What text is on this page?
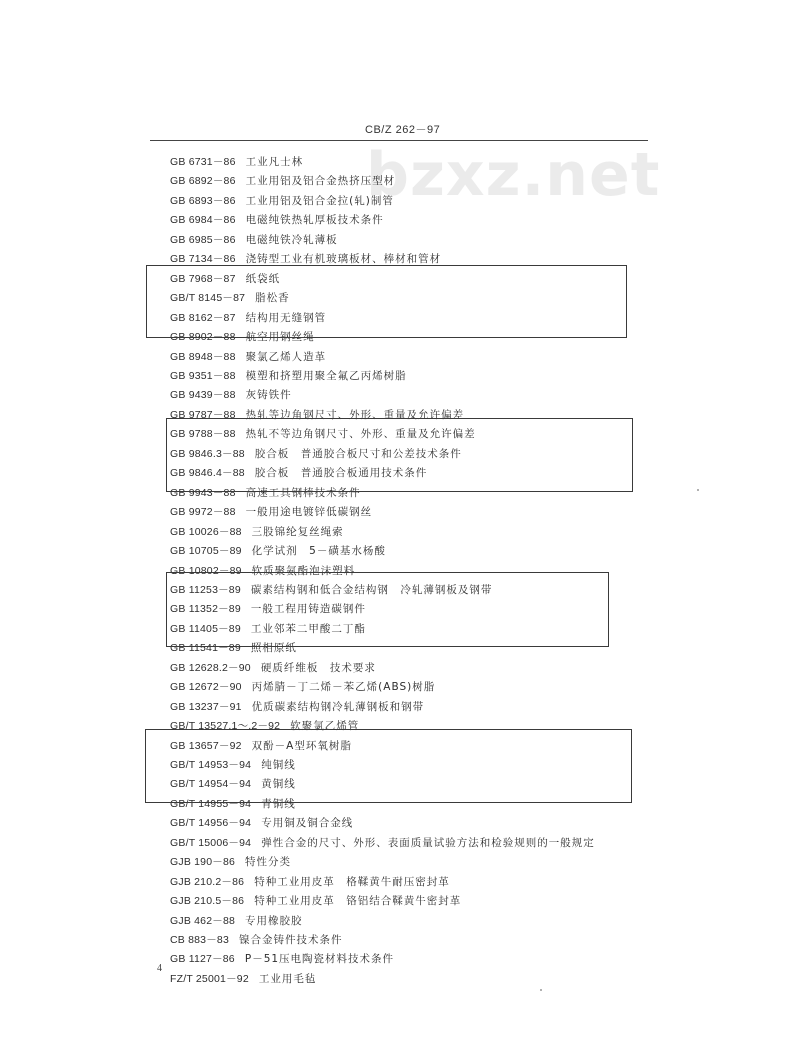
CB/Z 262－97
bzxz.net
GB 6731－86 工业凡士林
GB 6892－86 工业用铝及铝合金热挤压型材
GB 6893－86 工业用铝及铝合金拉(轧)制管
GB 6984－86 电磁纯铁热轧厚板技术条件
GB 6985－86 电磁纯铁冷轧薄板
GB 7134－86 浇铸型工业有机玻璃板材、棒材和管材
GB 7968－87 纸袋纸
GB/T 8145－87 脂松香
GB 8162－87 结构用无缝钢管
GB 8902－88 航空用钢丝绳
GB 8948－88 聚氯乙烯人造革
GB 9351－88 模塑和挤塑用聚全氟乙丙烯树脂
GB 9439－88 灰铸铁件
GB 9787－88 热轧等边角钢尺寸、外形、重量及允许偏差
GB 9788－88 热轧不等边角钢尺寸、外形、重量及允许偏差
GB 9846.3－88 胶合板　普通胶合板尺寸和公差技术条件
GB 9846.4－88 胶合板　普通胶合板通用技术条件
GB 9943－88 高速工具钢棒技术条件
GB 9972－88 一般用途电镀锌低碳钢丝
GB 10026－88 三股锦纶复丝绳索
GB 10705－89 化学试剂　5－磺基水杨酸
GB 10802－89 软质聚氨酯泡沫塑料
GB 11253－89 碳素结构钢和低合金结构钢　冷轧薄钢板及钢带
GB 11352－89 一般工程用铸造碳钢件
GB 11405－89 工业邻苯二甲酸二丁酯
GB 11541－89 照相原纸
GB 12628.2－90 硬质纤维板　技术要求
GB 12672－90 丙烯腈－丁二烯－苯乙烯(ABS)树脂
GB 13237－91 优质碳素结构钢冷轧薄钢板和钢带
GB/T 13527.1～.2－92 软聚氯乙烯管
GB 13657－92 双酚－A型环氧树脂
GB/T 14953－94 纯铜线
GB/T 14954－94 黄铜线
GB/T 14955－94 青铜线
GB/T 14956－94 专用铜及铜合金线
GB/T 15006－94 弹性合金的尺寸、外形、表面质量试验方法和检验规则的一般规定
GJB 190－86 特性分类
GJB 210.2－86 特种工业用皮革　格鞣黄牛耐压密封革
GJB 210.5－86 特种工业用皮革　铬铝结合鞣黄牛密封革
GJB 462－88 专用橡胶胶
CB 883－83 镍合金铸件技术条件
GB 1127－86 P－51压电陶瓷材料技术条件
FZ/T 25001－92 工业用毛毡
4
